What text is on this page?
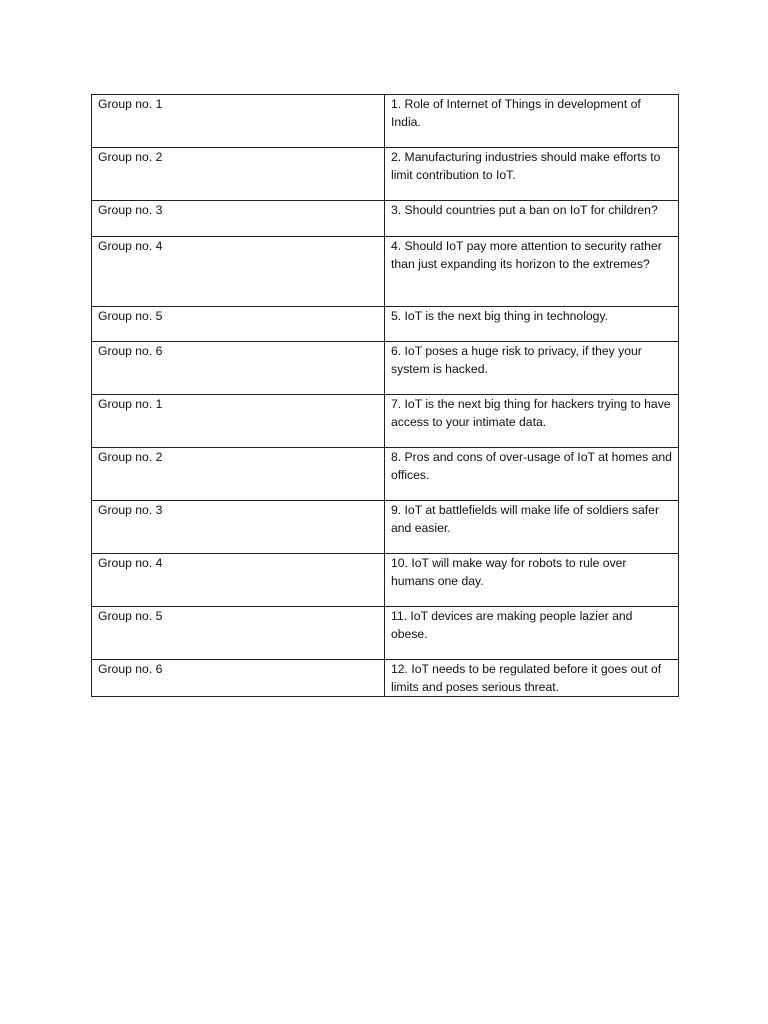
Group no. 1	1. Role of Internet of Things in development of India.
Group no. 2	2. Manufacturing industries should make efforts to limit contribution to IoT.
Group no. 3	3. Should countries put a ban on IoT for children?
Group no. 4	4. Should IoT pay more attention to security rather than just expanding its horizon to the extremes?
Group no. 5	5. IoT is the next big thing in technology.
Group no. 6	6. IoT poses a huge risk to privacy, if they your system is hacked.
Group no. 1	7. IoT is the next big thing for hackers trying to have access to your intimate data.
Group no. 2	8. Pros and cons of over-usage of IoT at homes and offices.
Group no. 3	9. IoT at battlefields will make life of soldiers safer and easier.
Group no. 4	10. IoT will make way for robots to rule over humans one day.
Group no. 5	11. IoT devices are making people lazier and obese.
Group no. 6	12. IoT needs to be regulated before it goes out of limits and poses serious threat.
